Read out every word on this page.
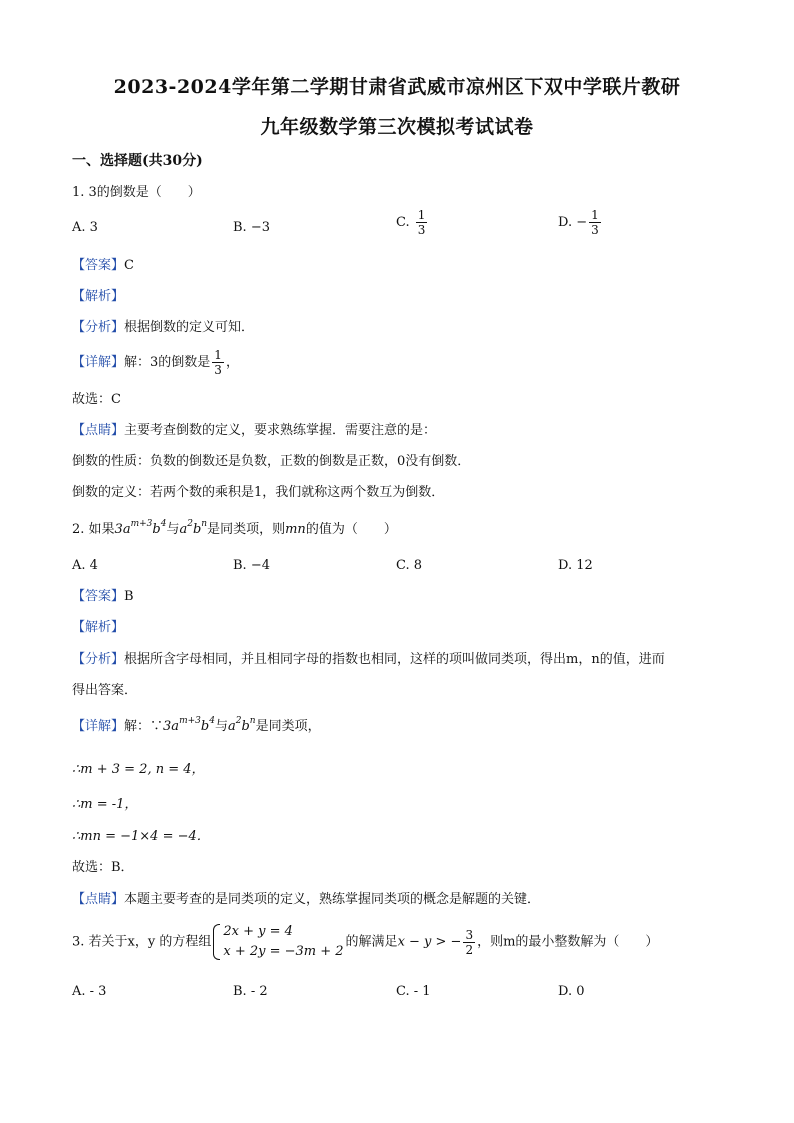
2023-2024学年第二学期甘肃省武威市凉州区下双中学联片教研
九年级数学第三次模拟考试试卷
一、选择题(共30分)
1. 3的倒数是（　　）
A. 3	B. −3	C. $\frac{1}{3}$	D. − $\frac{1}{3}$
【答案】C
【解析】
【分析】根据倒数的定义可知．
【详解】解：3的倒数是 $\frac{1}{3}$ ，
故选：C
【点睛】主要考查倒数的定义，要求熟练掌握．需要注意的是：
倒数的性质：负数的倒数还是负数，正数的倒数是正数，0没有倒数．
倒数的定义：若两个数的乘积是1，我们就称这两个数互为倒数．
2. 如果$3a^{m+3}b^4$与$a^2b^n$是同类项，则mn的值为（　　）
A. 4	B. −4	C. 8	D. 12
【答案】B
【解析】
【分析】根据所含字母相同，并且相同字母的指数也相同，这样的项叫做同类项，得出m，n的值，进而
得出答案．
【详解】解：$\because 3a^{m+3}b^4$与$a^2b^n$是同类项，
∴m + 3 = 2, n = 4，
∴m = -1，
∴mn = −1×4 = −4．
故选：B．
【点睛】本题主要考查的是同类项的定义，熟练掌握同类项的概念是解题的关键．
3. 若关于x，y 的方程组
2x + y = 4
x + 2y = −3m + 2
的解满足x − y > − $\frac{3}{2}$ ，则m的最小整数解为（　　）
A. - 3	B. - 2	C. - 1	D. 0
